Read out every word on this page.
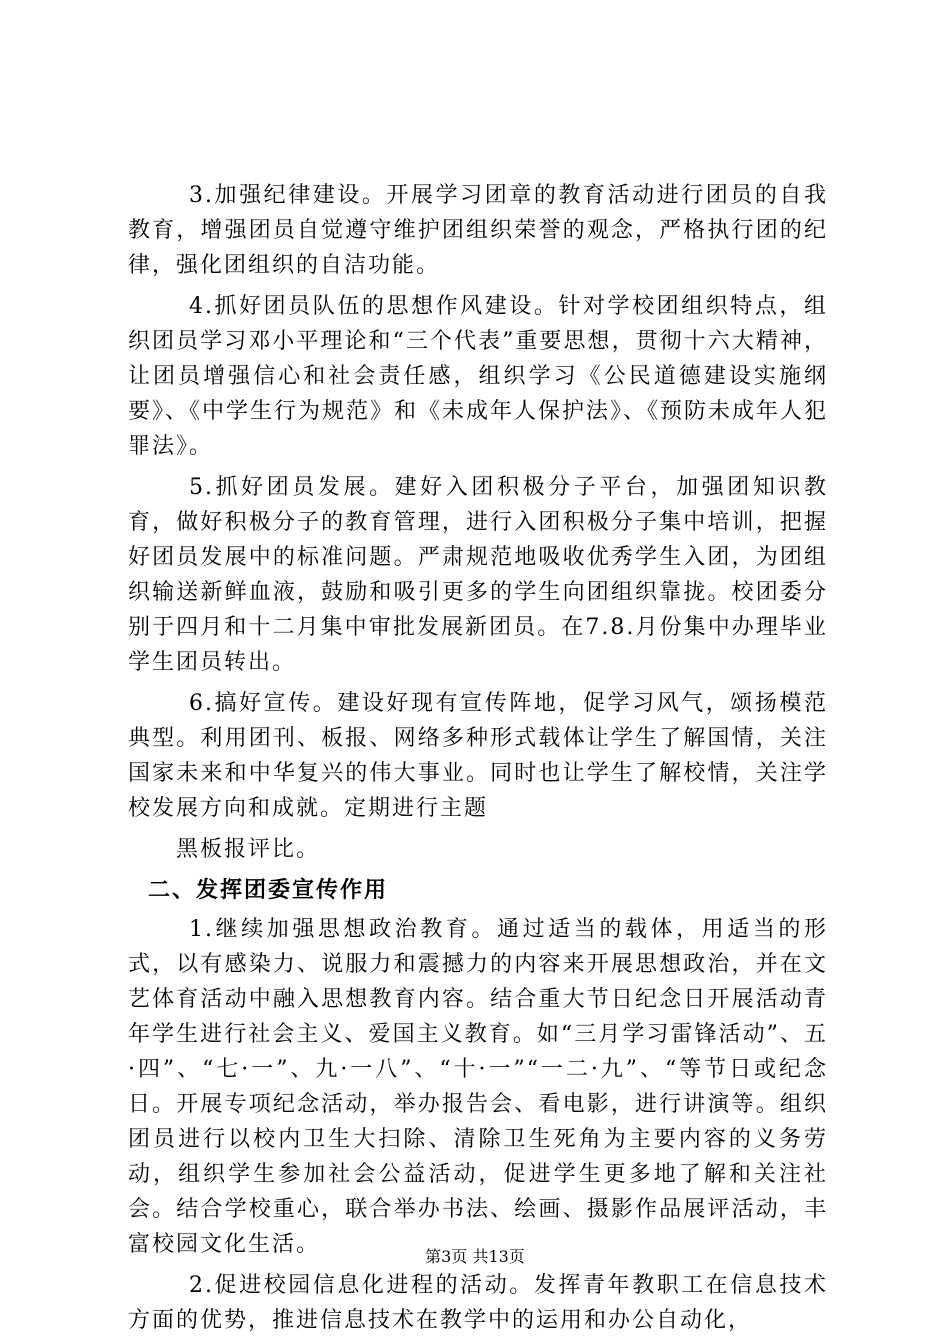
3.加强纪律建设。开展学习团章的教育活动进行团员的自我教育，增强团员自觉遵守维护团组织荣誉的观念，严格执行团的纪律，强化团组织的自洁功能。

4.抓好团员队伍的思想作风建设。针对学校团组织特点，组织团员学习邓小平理论和“三个代表”重要思想，贯彻十六大精神，让团员增强信心和社会责任感，组织学习《公民道德建设实施纲要》、《中学生行为规范》和《未成年人保护法》、《预防未成年人犯罪法》。

5.抓好团员发展。建好入团积极分子平台，加强团知识教育，做好积极分子的教育管理，进行入团积极分子集中培训，把握好团员发展中的标准问题。严肃规范地吸收优秀学生入团，为团组织输送新鲜血液，鼓励和吸引更多的学生向团组织靠拢。校团委分别于四月和十二月集中审批发展新团员。在7.8.月份集中办理毕业学生团员转出。

6.搞好宣传。建设好现有宣传阵地，促学习风气，颂扬模范典型。利用团刊、板报、网络多种形式载体让学生了解国情，关注国家未来和中华复兴的伟大事业。同时也让学生了解校情，关注学校发展方向和成就。定期进行主题

黑板报评比。

二、发挥团委宣传作用

1.继续加强思想政治教育。通过适当的载体，用适当的形式，以有感染力、说服力和震撼力的内容来开展思想政治，并在文艺体育活动中融入思想教育内容。结合重大节日纪念日开展活动青年学生进行社会主义、爱国主义教育。如“三月学习雷锋活动”、五·四”、“七·一”、九·一八”、“十·一”“一二·九”、“等节日或纪念日。开展专项纪念活动，举办报告会、看电影，进行讲演等。组织团员进行以校内卫生大扫除、清除卫生死角为主要内容的义务劳动，组织学生参加社会公益活动，促进学生更多地了解和关注社会。结合学校重心，联合举办书法、绘画、摄影作品展评活动，丰富校园文化生活。

2.促进校园信息化进程的活动。发挥青年教职工在信息技术方面的优势，推进信息技术在教学中的运用和办公自动化，

第3页 共13页
